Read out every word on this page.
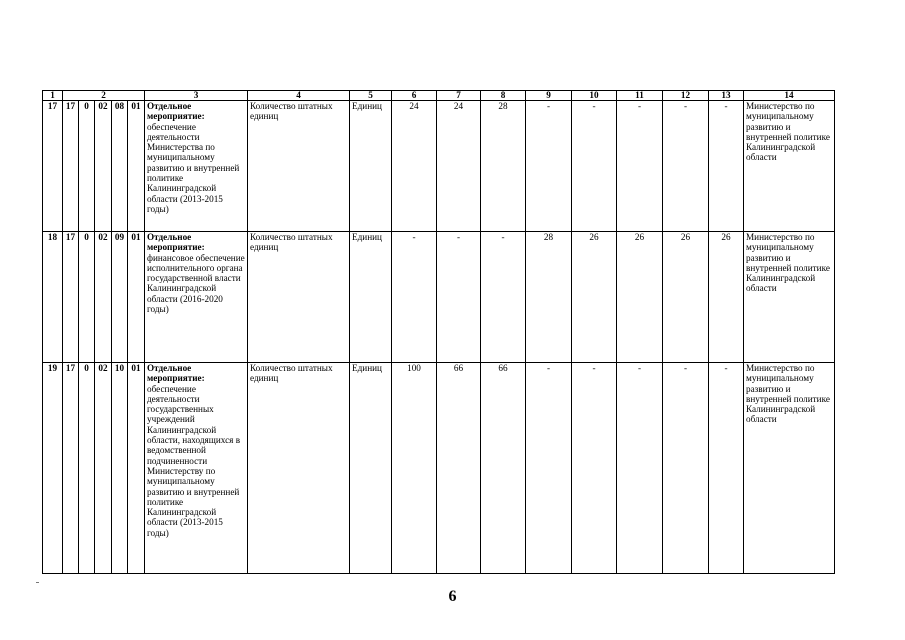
1	2					3	4	5	6	7	8	9	10	11	12	13	14
17	17	0	02	08	01	Отдельное мероприятие: обеспечение деятельности Министерства по муниципальному развитию и внутренней политике Калининградской области (2013-2015 годы)	Количество штатных единиц	Единиц	24	24	28	-	-	-	-	-	Министерство по муниципальному развитию и внутренней политике Калининградской области
18	17	0	02	09	01	Отдельное мероприятие: финансовое обеспечение исполнительного органа государственной власти Калининградской области (2016-2020 годы)	Количество штатных единиц	Единиц	-	-	-	28	26	26	26	26	Министерство по муниципальному развитию и внутренней политике Калининградской области
19	17	0	02	10	01	Отдельное мероприятие: обеспечение деятельности государственных учреждений Калининградской области, находящихся в ведомственной подчиненности Министерству по муниципальному развитию и внутренней политике Калининградской области (2013-2015 годы)	Количество штатных единиц	Единиц	100	66	66	-	-	-	-	-	Министерство по муниципальному развитию и внутренней политике Калининградской области
6
